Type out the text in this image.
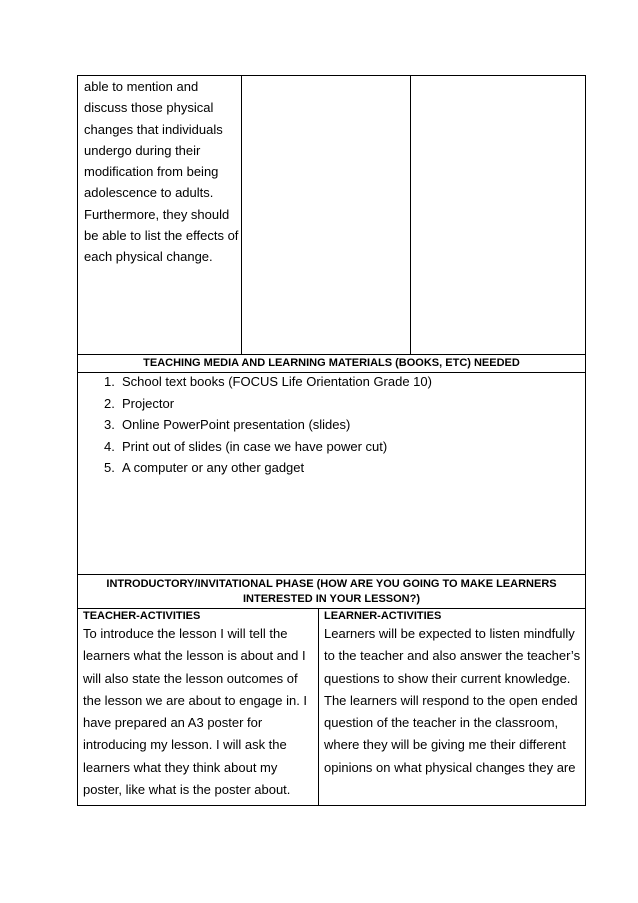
able to mention and
discuss those physical
changes that individuals
undergo during their
modification from being
adolescence to adults.
Furthermore, they should
be able to list the effects of
each physical change.
TEACHING MEDIA AND LEARNING MATERIALS (BOOKS, ETC) NEEDED
1. School text books (FOCUS Life Orientation Grade 10)
2. Projector
3. Online PowerPoint presentation (slides)
4. Print out of slides (in case we have power cut)
5. A computer or any other gadget
INTRODUCTORY/INVITATIONAL PHASE (HOW ARE YOU GOING TO MAKE LEARNERS
INTERESTED IN YOUR LESSON?)
TEACHER-ACTIVITIES
To introduce the lesson I will tell the
learners what the lesson is about and I
will also state the lesson outcomes of
the lesson we are about to engage in. I
have prepared an A3 poster for
introducing my lesson. I will ask the
learners what they think about my
poster, like what is the poster about.
LEARNER-ACTIVITIES
Learners will be expected to listen mindfully
to the teacher and also answer the teacher’s
questions to show their current knowledge.
The learners will respond to the open ended
question of the teacher in the classroom,
where they will be giving me their different
opinions on what physical changes they are
